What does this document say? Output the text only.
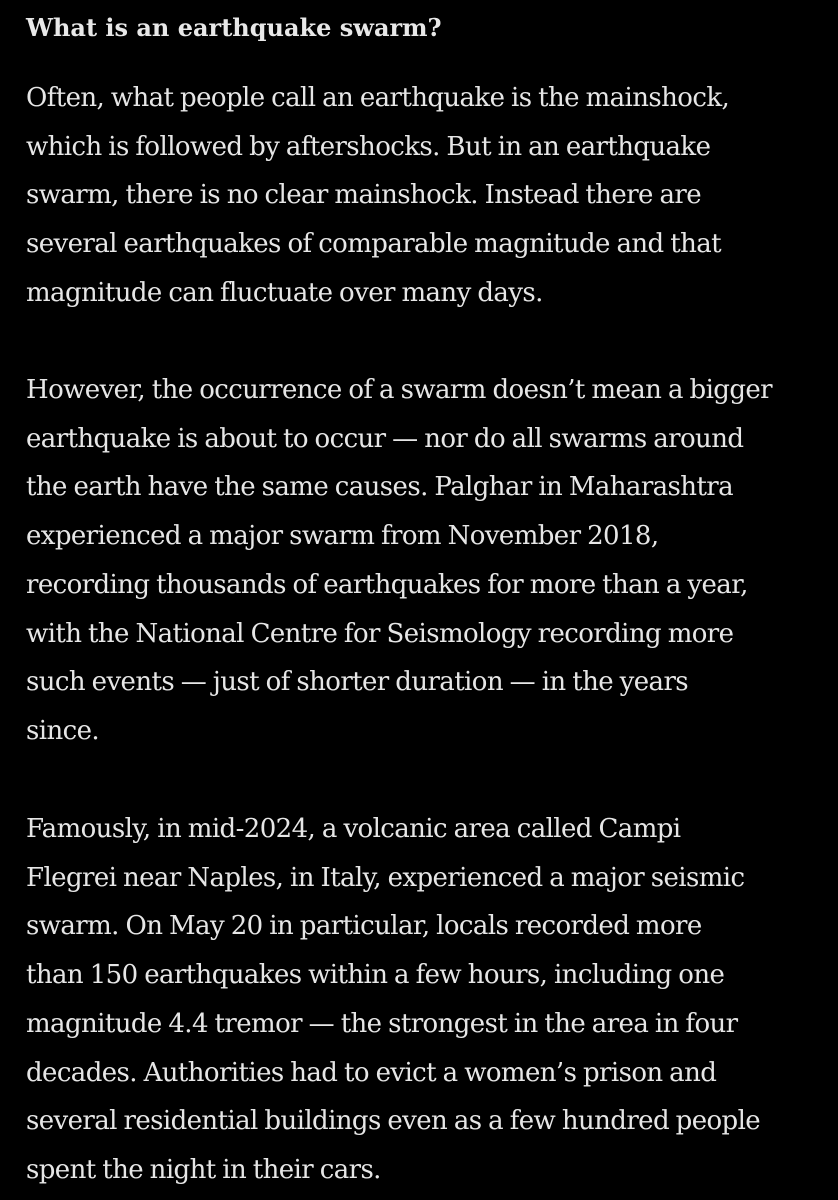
What is an earthquake swarm?

Often, what people call an earthquake is the mainshock,
which is followed by aftershocks. But in an earthquake
swarm, there is no clear mainshock. Instead there are
several earthquakes of comparable magnitude and that
magnitude can fluctuate over many days.

However, the occurrence of a swarm doesn’t mean a bigger
earthquake is about to occur — nor do all swarms around
the earth have the same causes. Palghar in Maharashtra
experienced a major swarm from November 2018,
recording thousands of earthquakes for more than a year,
with the National Centre for Seismology recording more
such events — just of shorter duration — in the years
since.

Famously, in mid-2024, a volcanic area called Campi
Flegrei near Naples, in Italy, experienced a major seismic
swarm. On May 20 in particular, locals recorded more
than 150 earthquakes within a few hours, including one
magnitude 4.4 tremor — the strongest in the area in four
decades. Authorities had to evict a women’s prison and
several residential buildings even as a few hundred people
spent the night in their cars.
